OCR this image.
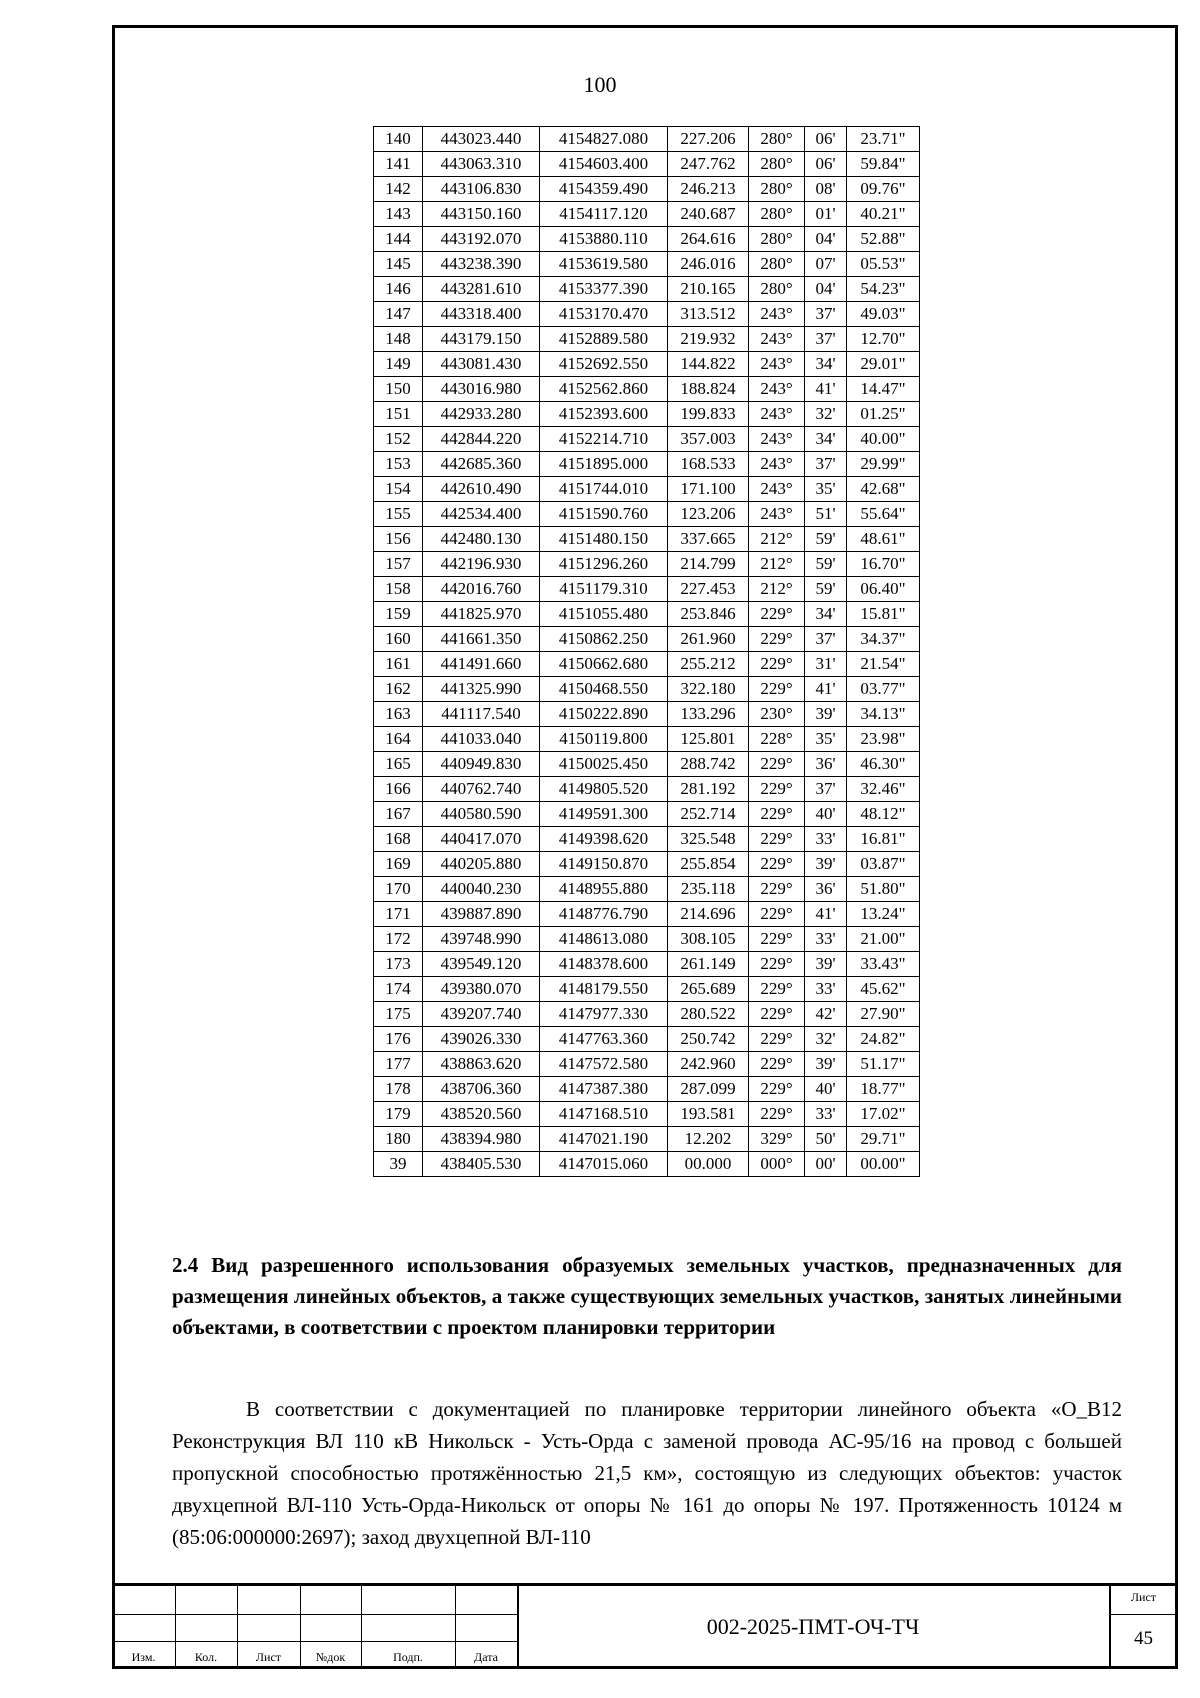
100
140	443023.440	4154827.080	227.206	280°	06'	23.71"
141	443063.310	4154603.400	247.762	280°	06'	59.84"
142	443106.830	4154359.490	246.213	280°	08'	09.76"
143	443150.160	4154117.120	240.687	280°	01'	40.21"
144	443192.070	4153880.110	264.616	280°	04'	52.88"
145	443238.390	4153619.580	246.016	280°	07'	05.53"
146	443281.610	4153377.390	210.165	280°	04'	54.23"
147	443318.400	4153170.470	313.512	243°	37'	49.03"
148	443179.150	4152889.580	219.932	243°	37'	12.70"
149	443081.430	4152692.550	144.822	243°	34'	29.01"
150	443016.980	4152562.860	188.824	243°	41'	14.47"
151	442933.280	4152393.600	199.833	243°	32'	01.25"
152	442844.220	4152214.710	357.003	243°	34'	40.00"
153	442685.360	4151895.000	168.533	243°	37'	29.99"
154	442610.490	4151744.010	171.100	243°	35'	42.68"
155	442534.400	4151590.760	123.206	243°	51'	55.64"
156	442480.130	4151480.150	337.665	212°	59'	48.61"
157	442196.930	4151296.260	214.799	212°	59'	16.70"
158	442016.760	4151179.310	227.453	212°	59'	06.40"
159	441825.970	4151055.480	253.846	229°	34'	15.81"
160	441661.350	4150862.250	261.960	229°	37'	34.37"
161	441491.660	4150662.680	255.212	229°	31'	21.54"
162	441325.990	4150468.550	322.180	229°	41'	03.77"
163	441117.540	4150222.890	133.296	230°	39'	34.13"
164	441033.040	4150119.800	125.801	228°	35'	23.98"
165	440949.830	4150025.450	288.742	229°	36'	46.30"
166	440762.740	4149805.520	281.192	229°	37'	32.46"
167	440580.590	4149591.300	252.714	229°	40'	48.12"
168	440417.070	4149398.620	325.548	229°	33'	16.81"
169	440205.880	4149150.870	255.854	229°	39'	03.87"
170	440040.230	4148955.880	235.118	229°	36'	51.80"
171	439887.890	4148776.790	214.696	229°	41'	13.24"
172	439748.990	4148613.080	308.105	229°	33'	21.00"
173	439549.120	4148378.600	261.149	229°	39'	33.43"
174	439380.070	4148179.550	265.689	229°	33'	45.62"
175	439207.740	4147977.330	280.522	229°	42'	27.90"
176	439026.330	4147763.360	250.742	229°	32'	24.82"
177	438863.620	4147572.580	242.960	229°	39'	51.17"
178	438706.360	4147387.380	287.099	229°	40'	18.77"
179	438520.560	4147168.510	193.581	229°	33'	17.02"
180	438394.980	4147021.190	12.202	329°	50'	29.71"
39	438405.530	4147015.060	00.000	000°	00'	00.00"
2.4 Вид разрешенного использования образуемых земельных участков, предназначенных для размещения линейных объектов, а также существующих земельных участков, занятых линейными объектами, в соответствии с проектом планировки территории
В соответствии с документацией по планировке территории линейного объекта «О_В12 Реконструкция ВЛ 110 кВ Никольск - Усть-Орда с заменой провода АС-95/16 на провод с большей пропускной способностью протяжённостью 21,5 км», состоящую из следующих объектов: участок двухцепной ВЛ-110 Усть-Орда-Никольск от опоры № 161 до опоры № 197. Протяженность 10124 м (85:06:000000:2697); заход двухцепной ВЛ-110
Изм.	Кол.	Лист	№док	Подп.	Дата
002-2025-ПМТ-ОЧ-ТЧ
Лист
45
